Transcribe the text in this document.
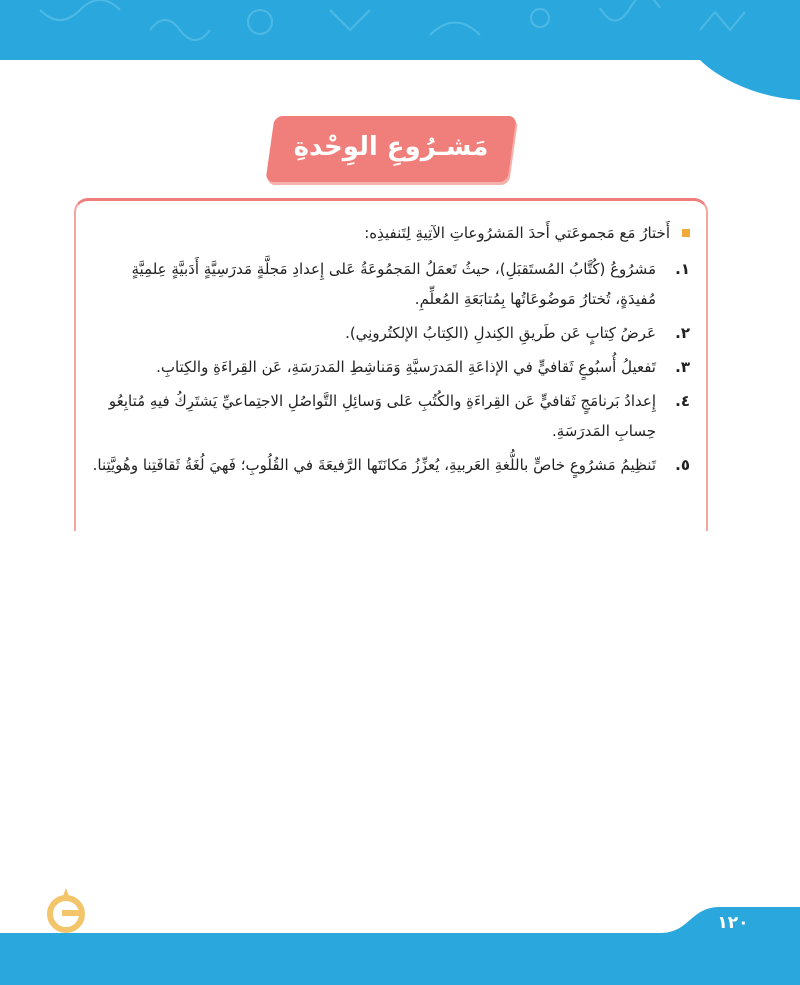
مَشـرُوعِ الوِحْدةِ
أَختارُ مَع مَجموعَتي أَحدَ المَشرُوعاتِ الآتِيةِ لِتَنفيذِه:
١.
مَشرُوعُ (كُتَّابُ المُستَقبَلِ)، حيثُ تَعمَلُ المَجمُوعَةُ عَلى إِعدادِ مَجلَّةٍ مَدرَسِيَّةٍ أَدَبيَّةٍ عِلمِيَّةٍ مُفيدَةٍ، تُختارُ مَوضُوعَاتُها بِمُتابَعَةِ المُعلِّمِ.
٢.
عَرضُ كِتابٍ عَن طَريقِ الكِندلِ (الكِتابُ الإلكتُرونِي).
٣.
تَفعيلُ أُسبُوعٍ ثَقافيٍّ في الإذاعَةِ المَدرَسيَّةِ وَمَناشِطِ المَدرَسَةِ، عَن القِراءَةِ والكِتابِ.
٤.
إِعدادُ بَرنامَجٍ ثَقافيٍّ عَن القِراءَةِ والكُتُبِ عَلى وَسائِلِ التَّواصُلِ الاجتِماعيِّ يَشتَرِكُ فيهِ مُتابِعُو حِسابِ المَدرَسَةِ.
٥.
تَنظِيمُ مَشرُوعٍ خاصٍّ باللُّغةِ العَربيةِ، يُعزِّزُ مَكانَتَها الرَّفيعَةَ في القُلُوبِ؛ فَهيَ لُغَةُ ثَقافَتِنا وهُويَّتِنا.
١٢٠
